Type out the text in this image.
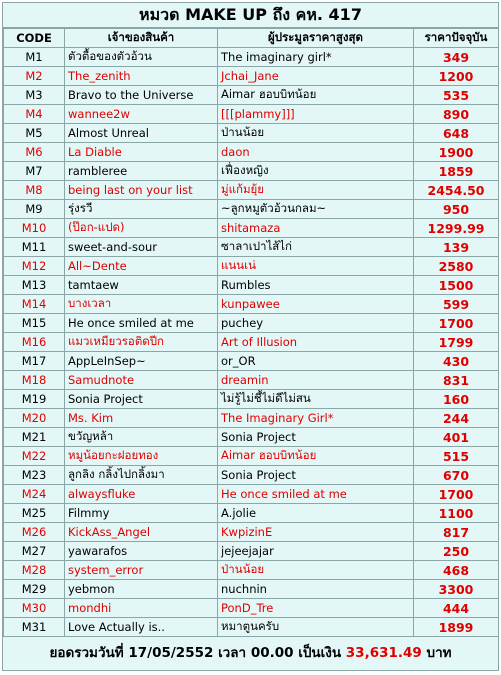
หมวด MAKE UP ถึง คห. 417
CODE	เจ้าของสินค้า	ผู้ประมูลราคาสูงสุด	ราคาปัจจุบัน
M1	ตัวตื้อของตัวอ้วน	The imaginary girl*	349
M2	The_zenith	Jchai_Jane	1200
M3	Bravo to the Universe	Aimar ฮอบบิทน้อย	535
M4	wannee2w	[[[plammy]]]	890
M5	Almost Unreal	ป่านน้อย	648
M6	La Diable	daon	1900
M7	rambleree	เฟื่องหญิง	1859
M8	being last on your list	มู่แก้มยุ้ย	2454.50
M9	รุ่งรวี	~ลูกหมูตัวอ้วนกลม~	950
M10	(ป๊อก-แปด)	shitamaza	1299.99
M11	sweet-and-sour	ซาลาเปาไส้ไก่	139
M12	All~Dente	แนนเน่	2580
M13	tamtaew	Rumbles	1500
M14	บางเวลา	kunpawee	599
M15	He once smiled at me	puchey	1700
M16	แมวเหมียวรอติดปีก	Art of Illusion	1799
M17	AppLeInSep~	or_OR	430
M18	Samudnote	dreamin	831
M19	Sonia Project	ไม่รู้ไม่ชี้ไม่ดีไม่สน	160
M20	Ms. Kim	The Imaginary Girl*	244
M21	ขวัญหล้า	Sonia Project	401
M22	หมูน้อยกะฝอยทอง	Aimar ฮอบบิทน้อย	515
M23	ลูกลิง กลิ้งไปกลิ้งมา	Sonia Project	670
M24	alwaysfluke	He once smiled at me	1700
M25	Filmmy	A.jolie	1100
M26	KickAss_Angel	KwpizinE	817
M27	yawarafos	jejeejajar	250
M28	system_error	ป่านน้อย	468
M29	yebmon	nuchnin	3300
M30	mondhi	PonD_Tre	444
M31	Love Actually is..	หมาตูนครับ	1899
ยอดรวมวันที่ 17/05/2552 เวลา 00.00 เป็นเงิน 33,631.49 บาท
